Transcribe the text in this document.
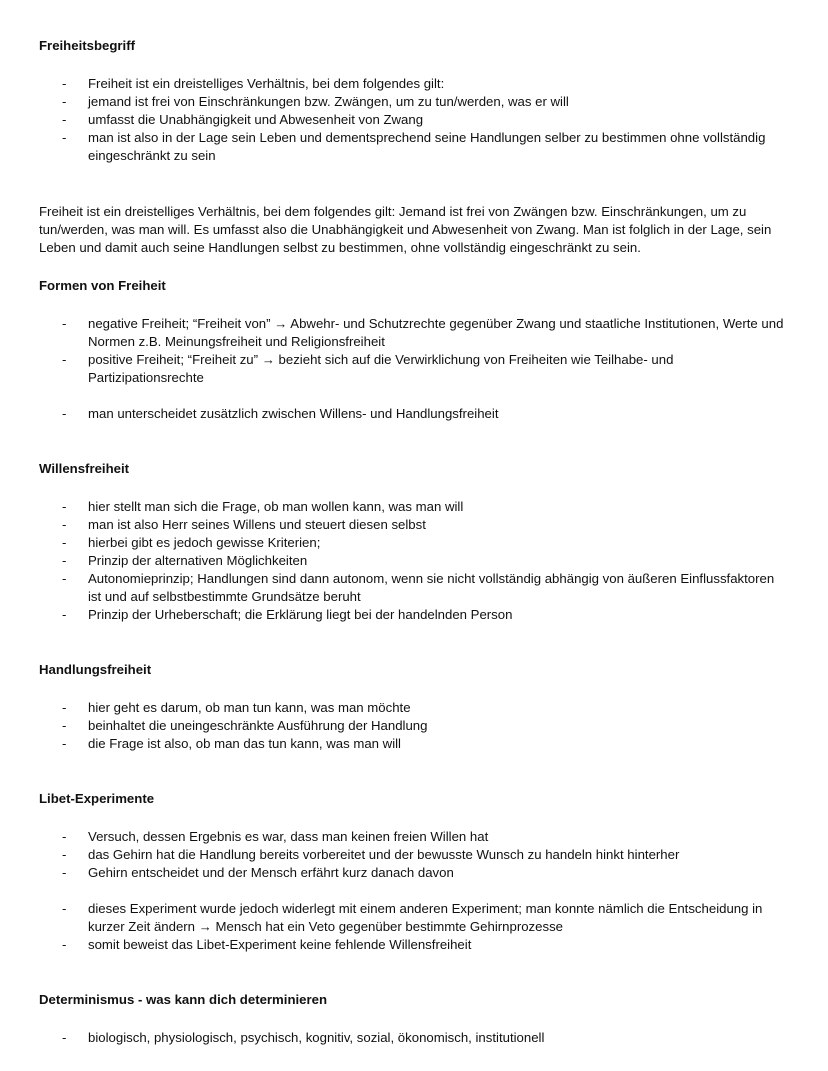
Freiheitsbegriff
- Freiheit ist ein dreistelliges Verhältnis, bei dem folgendes gilt:
- jemand ist frei von Einschränkungen bzw. Zwängen, um zu tun/werden, was er will
- umfasst die Unabhängigkeit und Abwesenheit von Zwang
- man ist also in der Lage sein Leben und dementsprechend seine Handlungen selber zu bestimmen ohne vollständig eingeschränkt zu sein

Freiheit ist ein dreistelliges Verhältnis, bei dem folgendes gilt: Jemand ist frei von Zwängen bzw. Einschränkungen, um zu tun/werden, was man will. Es umfasst also die Unabhängigkeit und Abwesenheit von Zwang. Man ist folglich in der Lage, sein Leben und damit auch seine Handlungen selbst zu bestimmen, ohne vollständig eingeschränkt zu sein.

Formen von Freiheit
- negative Freiheit; “Freiheit von” → Abwehr- und Schutzrechte gegenüber Zwang und staatliche Institutionen, Werte und Normen z.B. Meinungsfreiheit und Religionsfreiheit
- positive Freiheit; “Freiheit zu” → bezieht sich auf die Verwirklichung von Freiheiten wie Teilhabe- und Partizipationsrechte
- man unterscheidet zusätzlich zwischen Willens- und Handlungsfreiheit
Willensfreiheit
- hier stellt man sich die Frage, ob man wollen kann, was man will
- man ist also Herr seines Willens und steuert diesen selbst
- hierbei gibt es jedoch gewisse Kriterien;
- Prinzip der alternativen Möglichkeiten
- Autonomieprinzip; Handlungen sind dann autonom, wenn sie nicht vollständig abhängig von äußeren Einflussfaktoren ist und auf selbstbestimmte Grundsätze beruht
- Prinzip der Urheberschaft; die Erklärung liegt bei der handelnden Person
Handlungsfreiheit
- hier geht es darum, ob man tun kann, was man möchte
- beinhaltet die uneingeschränkte Ausführung der Handlung
- die Frage ist also, ob man das tun kann, was man will
Libet-Experimente
- Versuch, dessen Ergebnis es war, dass man keinen freien Willen hat
- das Gehirn hat die Handlung bereits vorbereitet und der bewusste Wunsch zu handeln hinkt hinterher
- Gehirn entscheidet und der Mensch erfährt kurz danach davon
- dieses Experiment wurde jedoch widerlegt mit einem anderen Experiment; man konnte nämlich die Entscheidung in kurzer Zeit ändern → Mensch hat ein Veto gegenüber bestimmte Gehirnprozesse
- somit beweist das Libet-Experiment keine fehlende Willensfreiheit
Determinismus - was kann dich determinieren
- biologisch, physiologisch, psychisch, kognitiv, sozial, ökonomisch, institutionell
